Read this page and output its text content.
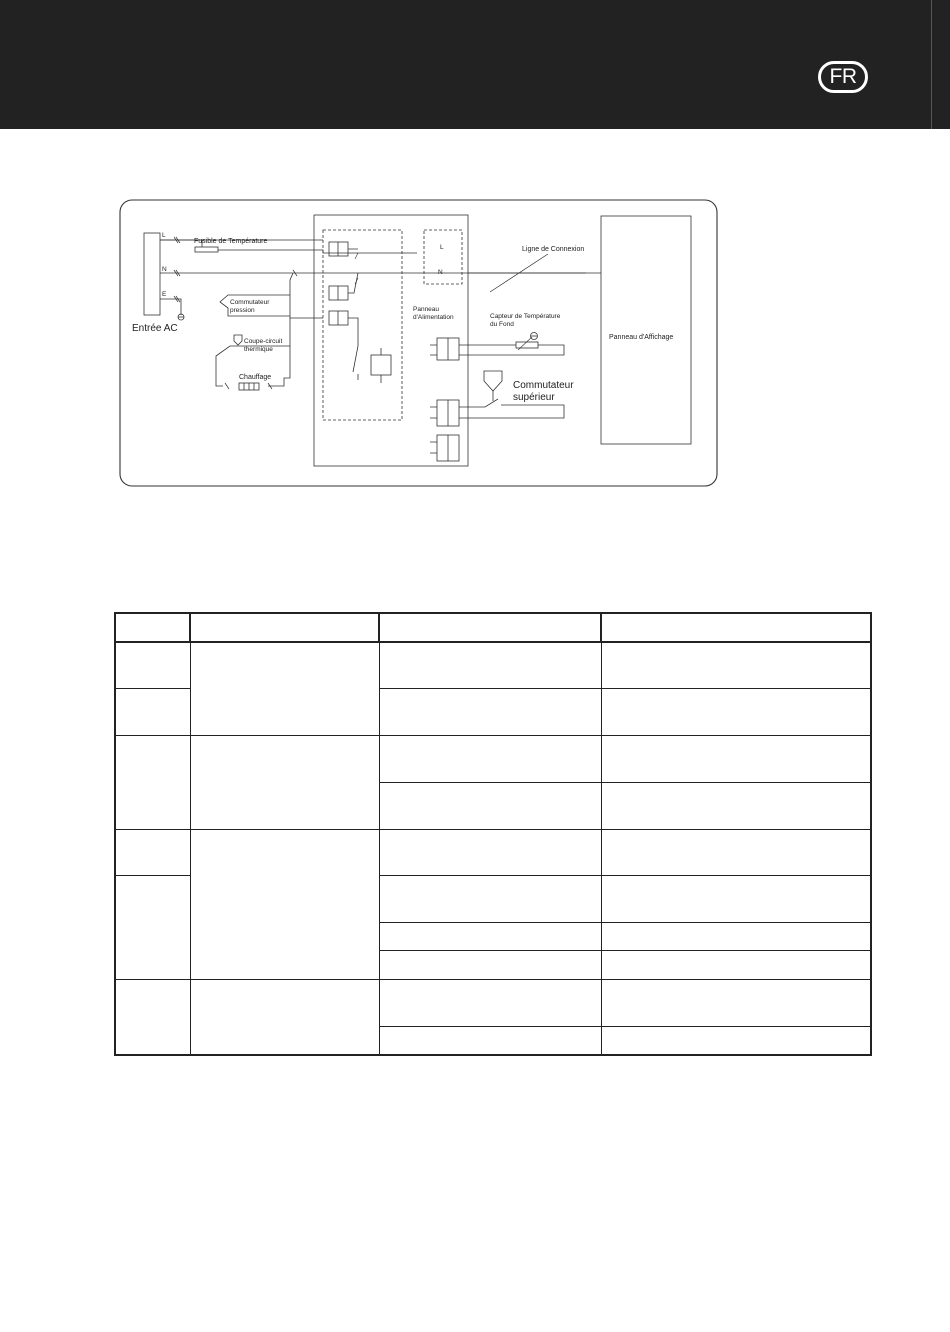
FR
Entrée AC
L
N
E
Fusible de Température
Commutateur
pression
Coupe-circuit
thermique
Chauffage
L
N
Ligne de Connexion
Panneau
d'Alimentation	Capteur de Température
du Fond
Commutateur
supérieur
Panneau d'Affichage
